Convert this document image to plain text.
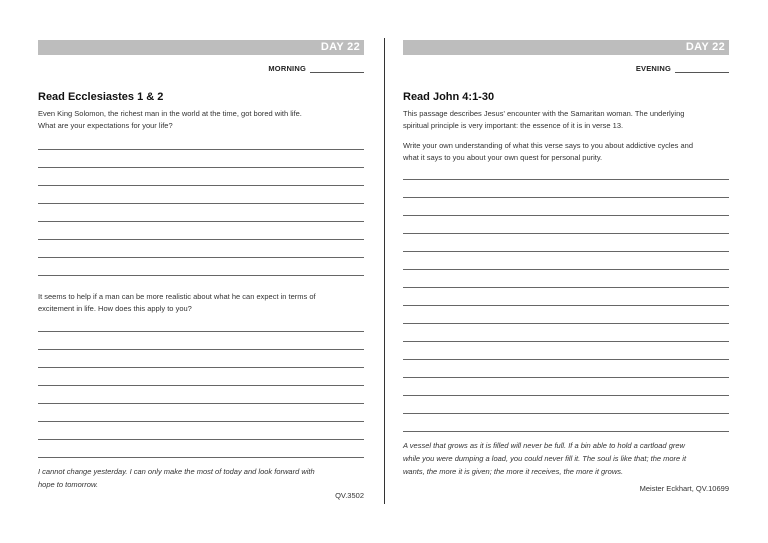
DAY 22
MORNING
Read Ecclesiastes 1 & 2
Even King Solomon, the richest man in the world at the time, got bored with life.
What are your expectations for your life?
It seems to help if a man can be more realistic about what he can expect in terms of
excitement in life. How does this apply to you?
I cannot change yesterday. I can only make the most of today and look forward with
hope to tomorrow.
QV.3502
DAY 22
EVENING
Read John 4:1-30
This passage describes Jesus' encounter with the Samaritan woman. The underlying
spiritual principle is very important: the essence of it is in verse 13.
Write your own understanding of what this verse says to you about addictive cycles and
what it says to you about your own quest for personal purity.
A vessel that grows as it is filled will never be full. If a bin able to hold a cartload grew
while you were dumping a load, you could never fill it. The soul is like that; the more it
wants, the more it is given; the more it receives, the more it grows.
Meister Eckhart, QV.10699
